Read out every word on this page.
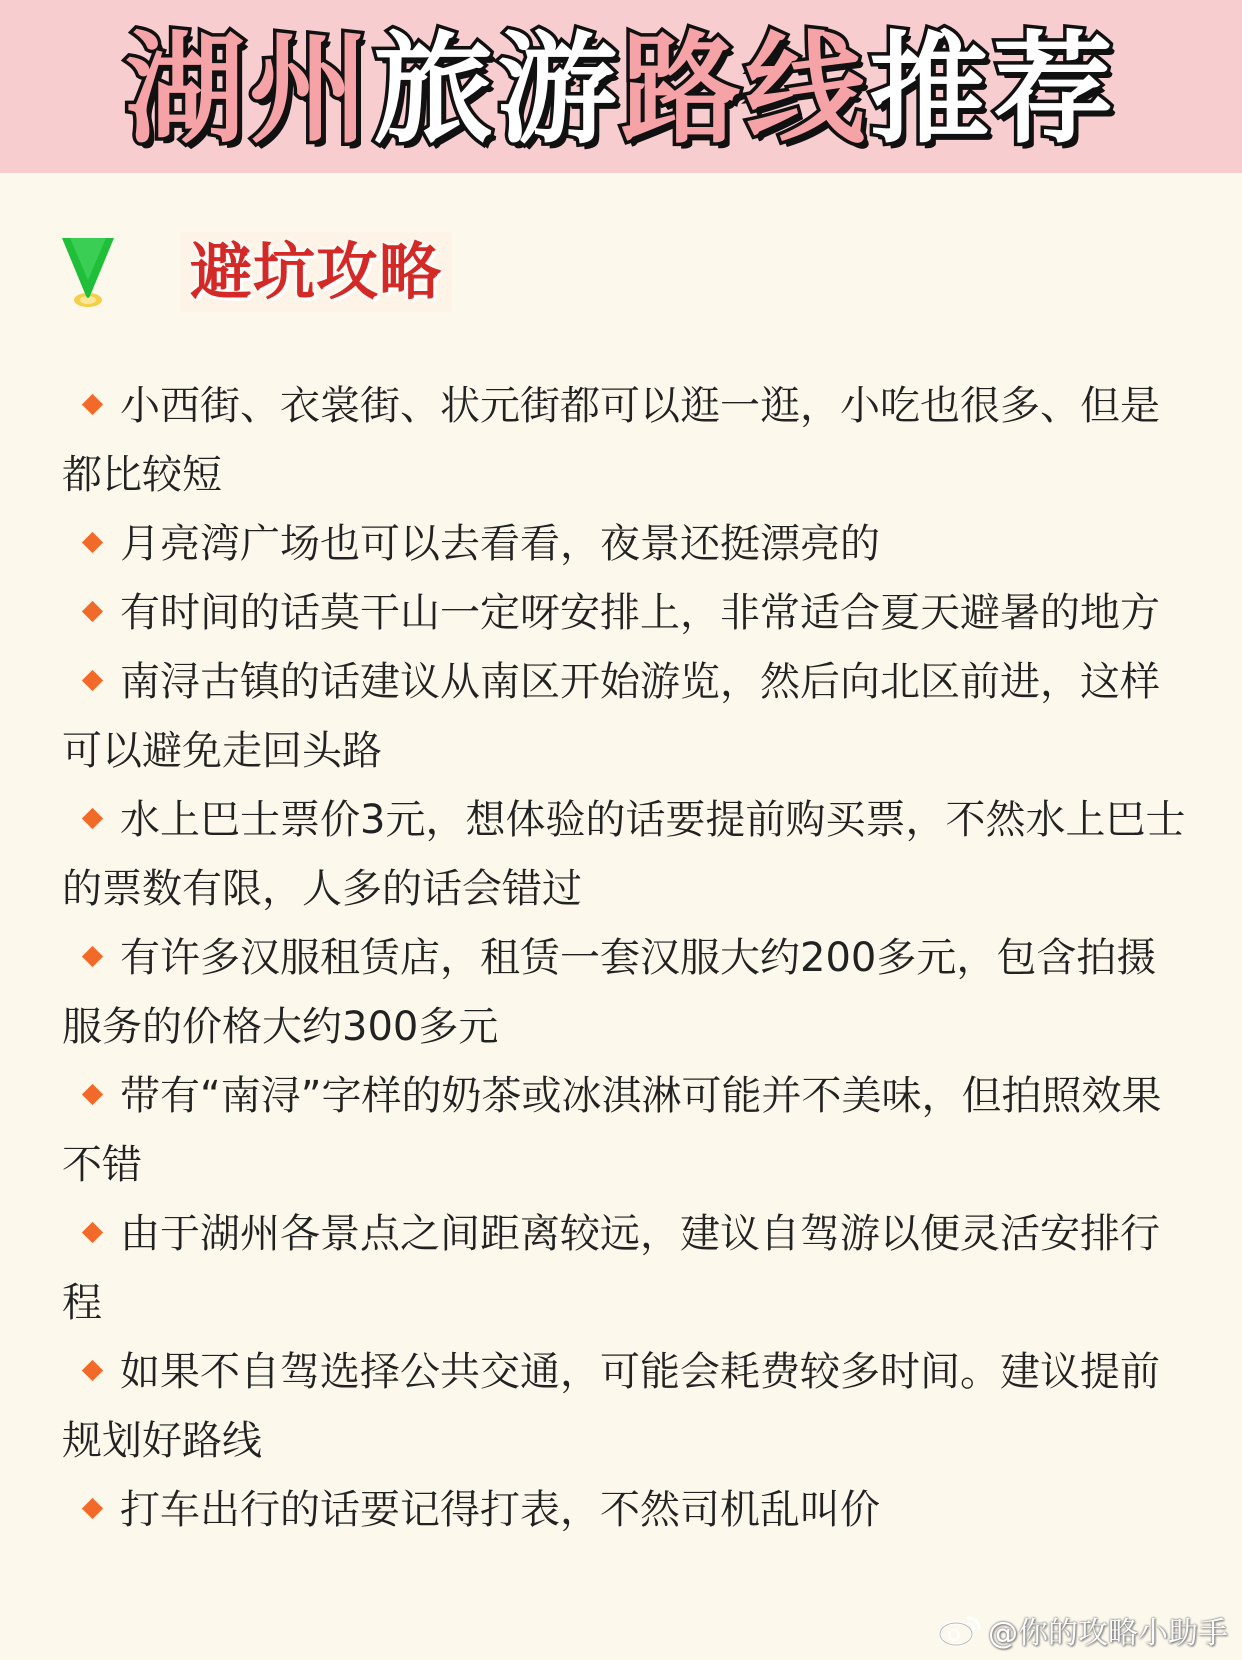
湖州旅游路线推荐
避坑攻略
小西街、衣裳街、状元街都可以逛一逛，小吃也很多、但是都比较短
月亮湾广场也可以去看看，夜景还挺漂亮的
有时间的话莫干山一定呀安排上，非常适合夏天避暑的地方
南浔古镇的话建议从南区开始游览，然后向北区前进，这样可以避免走回头路
水上巴士票价3元，想体验的话要提前购买票，不然水上巴士的票数有限，人多的话会错过
有许多汉服租赁店，租赁一套汉服大约200多元，包含拍摄服务的价格大约300多元
带有“南浔”字样的奶茶或冰淇淋可能并不美味，但拍照效果不错
由于湖州各景点之间距离较远，建议自驾游以便灵活安排行程
如果不自驾选择公共交通，可能会耗费较多时间。建议提前规划好路线
打车出行的话要记得打表，不然司机乱叫价
@你的攻略小助手
